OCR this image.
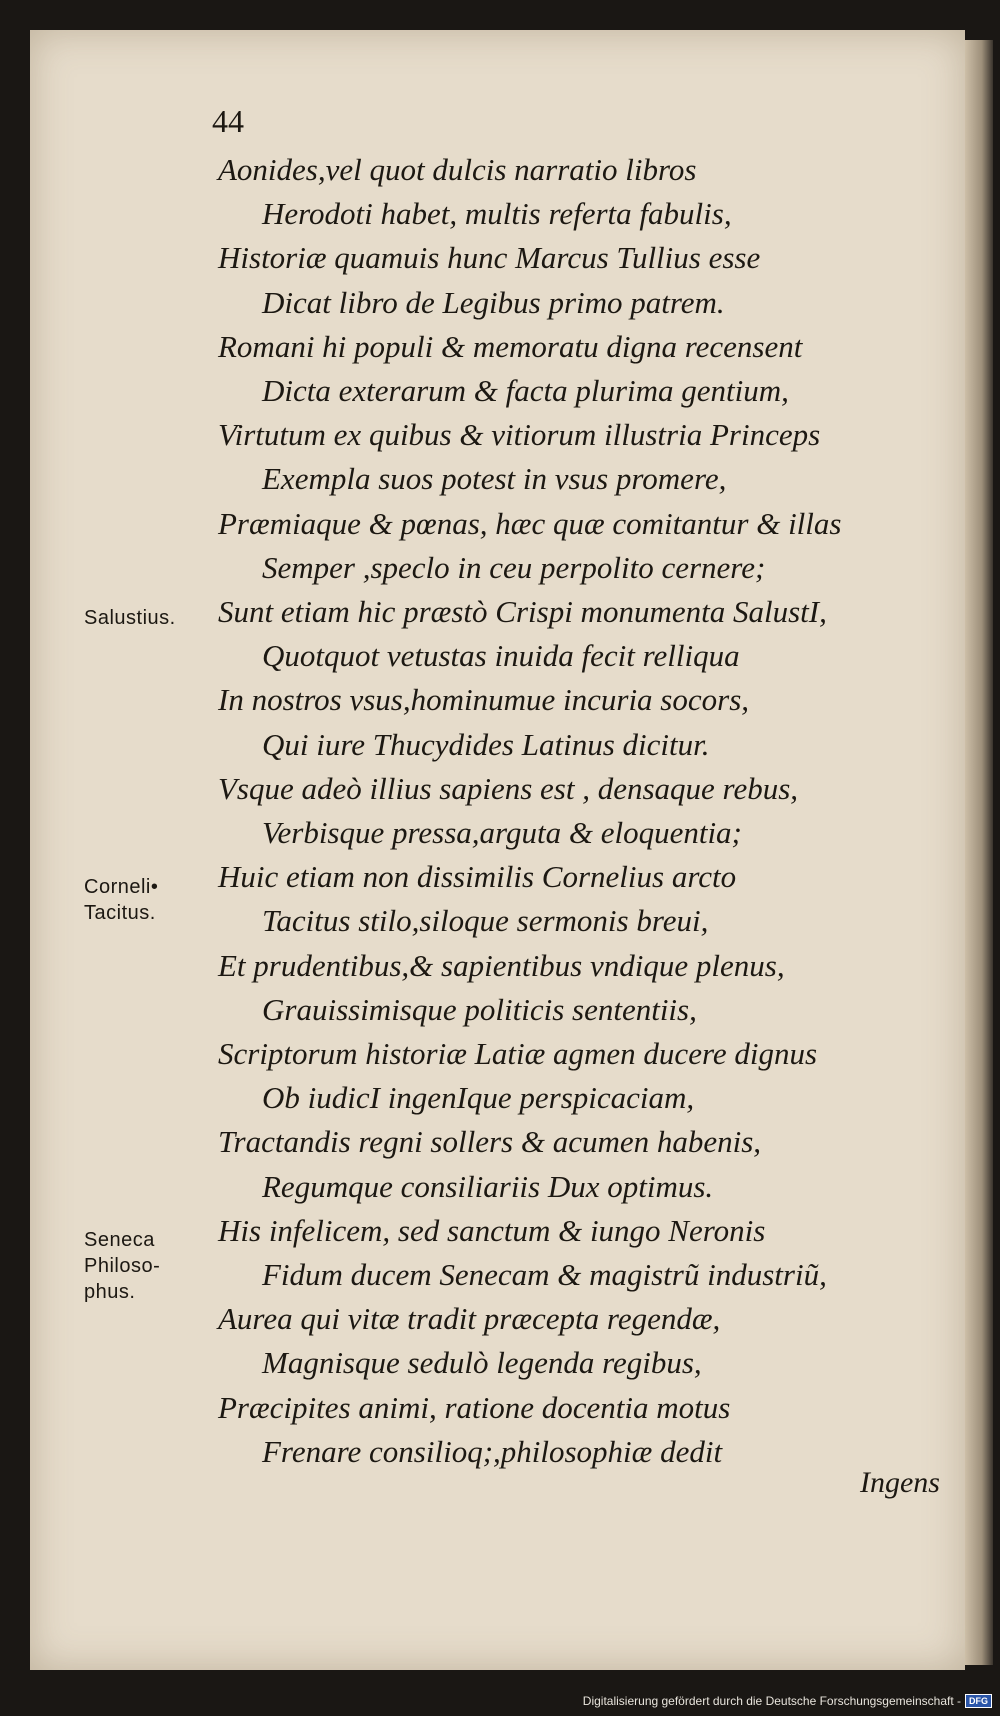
44
Aonides,vel quot dulcis narratio libros
Herodoti habet, multis referta fabulis,
Historiæ quamuis hunc Marcus Tullius esse
Dicat libro de Legibus primo patrem.
Romani hi populi & memoratu digna recensent
Dicta exterarum & facta plurima gentium,
Virtutum ex quibus & vitiorum illustria Princeps
Exempla suos potest in vsus promere,
Præmiaque & pœnas, hæc quæ comitantur & illas
Semper ,speclo in ceu perpolito cernere;
Sunt etiam hic præstò Crispi monumenta SalustI,
Quotquot vetustas inuida fecit relliqua
In nostros vsus,hominumue incuria socors,
Qui iure Thucydides Latinus dicitur.
Vsque adeò illius sapiens est , densaque rebus,
Verbisque pressa,arguta & eloquentia;
Huic etiam non dissimilis Cornelius arcto
Tacitus stilo,siloque sermonis breui,
Et prudentibus,& sapientibus vndique plenus,
Grauissimisque politicis sententiis,
Scriptorum historiæ Latiæ agmen ducere dignus
Ob iudicI ingenIque perspicaciam,
Tractandis regni sollers & acumen habenis,
Regumque consiliariis Dux optimus.
His infelicem, sed sanctum & iungo Neronis
Fidum ducem Senecam & magistrũ industriũ,
Aurea qui vitæ tradit præcepta regendæ,
Magnisque sedulò legenda regibus,
Præcipites animi, ratione docentia motus
Frenare consilioq;,philosophiæ dedit
Salustius.
Corneli•
Tacitus.
Seneca
Philoso-
phus.
Ingens
Digitalisierung gefördert durch die Deutsche Forschungsgemeinschaft - DFG
